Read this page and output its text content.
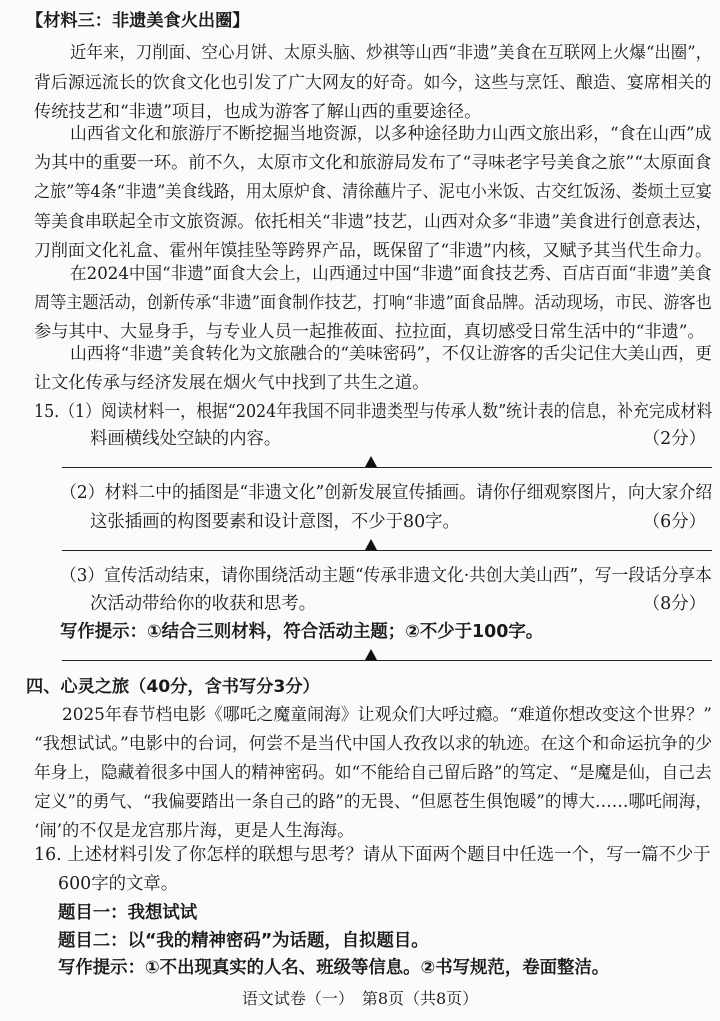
【材料三：非遗美食火出圈】
近年来，刀削面、空心月饼、太原头脑、炒祺等山西“非遗”美食在互联网上火爆“出圈”，
背后源远流长的饮食文化也引发了广大网友的好奇。如今，这些与烹饪、酿造、宴席相关的
传统技艺和“非遗”项目，也成为游客了解山西的重要途径。
山西省文化和旅游厅不断挖掘当地资源，以多种途径助力山西文旅出彩，“食在山西”成
为其中的重要一环。前不久，太原市文化和旅游局发布了“寻味老字号美食之旅”“太原面食
之旅”等4条“非遗”美食线路，用太原炉食、清徐蘸片子、泥屯小米饭、古交红饭汤、娄烦土豆宴
等美食串联起全市文旅资源。依托相关“非遗”技艺，山西对众多“非遗”美食进行创意表达，
刀削面文化礼盒、霍州年馍挂坠等跨界产品，既保留了“非遗”内核，又赋予其当代生命力。
在2024中国“非遗”面食大会上，山西通过中国“非遗”面食技艺秀、百店百面“非遗”美食
周等主题活动，创新传承“非遗”面食制作技艺，打响“非遗”面食品牌。活动现场，市民、游客也
参与其中、大显身手，与专业人员一起推莜面、拉拉面，真切感受日常生活中的“非遗”。
山西将“非遗”美食转化为文旅融合的“美味密码”，不仅让游客的舌尖记住大美山西，更
让文化传承与经济发展在烟火气中找到了共生之道。
15.（1）阅读材料一，根据“2024年我国不同非遗类型与传承人数”统计表的信息，补充完成材料
料画横线处空缺的内容。	（2分）
（2）材料二中的插图是“非遗文化”创新发展宣传插画。请你仔细观察图片，向大家介绍
这张插画的构图要素和设计意图，不少于80字。	（6分）
（3）宣传活动结束，请你围绕活动主题“传承非遗文化·共创大美山西”，写一段话分享本
次活动带给你的收获和思考。	（8分）
写作提示：①结合三则材料，符合活动主题；②不少于100字。
四、心灵之旅（40分，含书写分3分）
2025年春节档电影《哪吒之魔童闹海》让观众们大呼过瘾。“难道你想改变这个世界？”
“我想试试。”电影中的台词，何尝不是当代中国人孜孜以求的轨迹。在这个和命运抗争的少
年身上，隐藏着很多中国人的精神密码。如“不能给自己留后路”的笃定、“是魔是仙，自己去
定义”的勇气、“我偏要踏出一条自己的路”的无畏、“但愿苍生俱饱暖”的博大……哪吒闹海，
‘闹’的不仅是龙宫那片海，更是人生海海。
16. 上述材料引发了你怎样的联想与思考？请从下面两个题目中任选一个，写一篇不少于
600字的文章。
题目一：我想试试
题目二：以“我的精神密码”为话题，自拟题目。
写作提示：①不出现真实的人名、班级等信息。②书写规范，卷面整洁。
语文试卷（一）　第8页（共8页）
